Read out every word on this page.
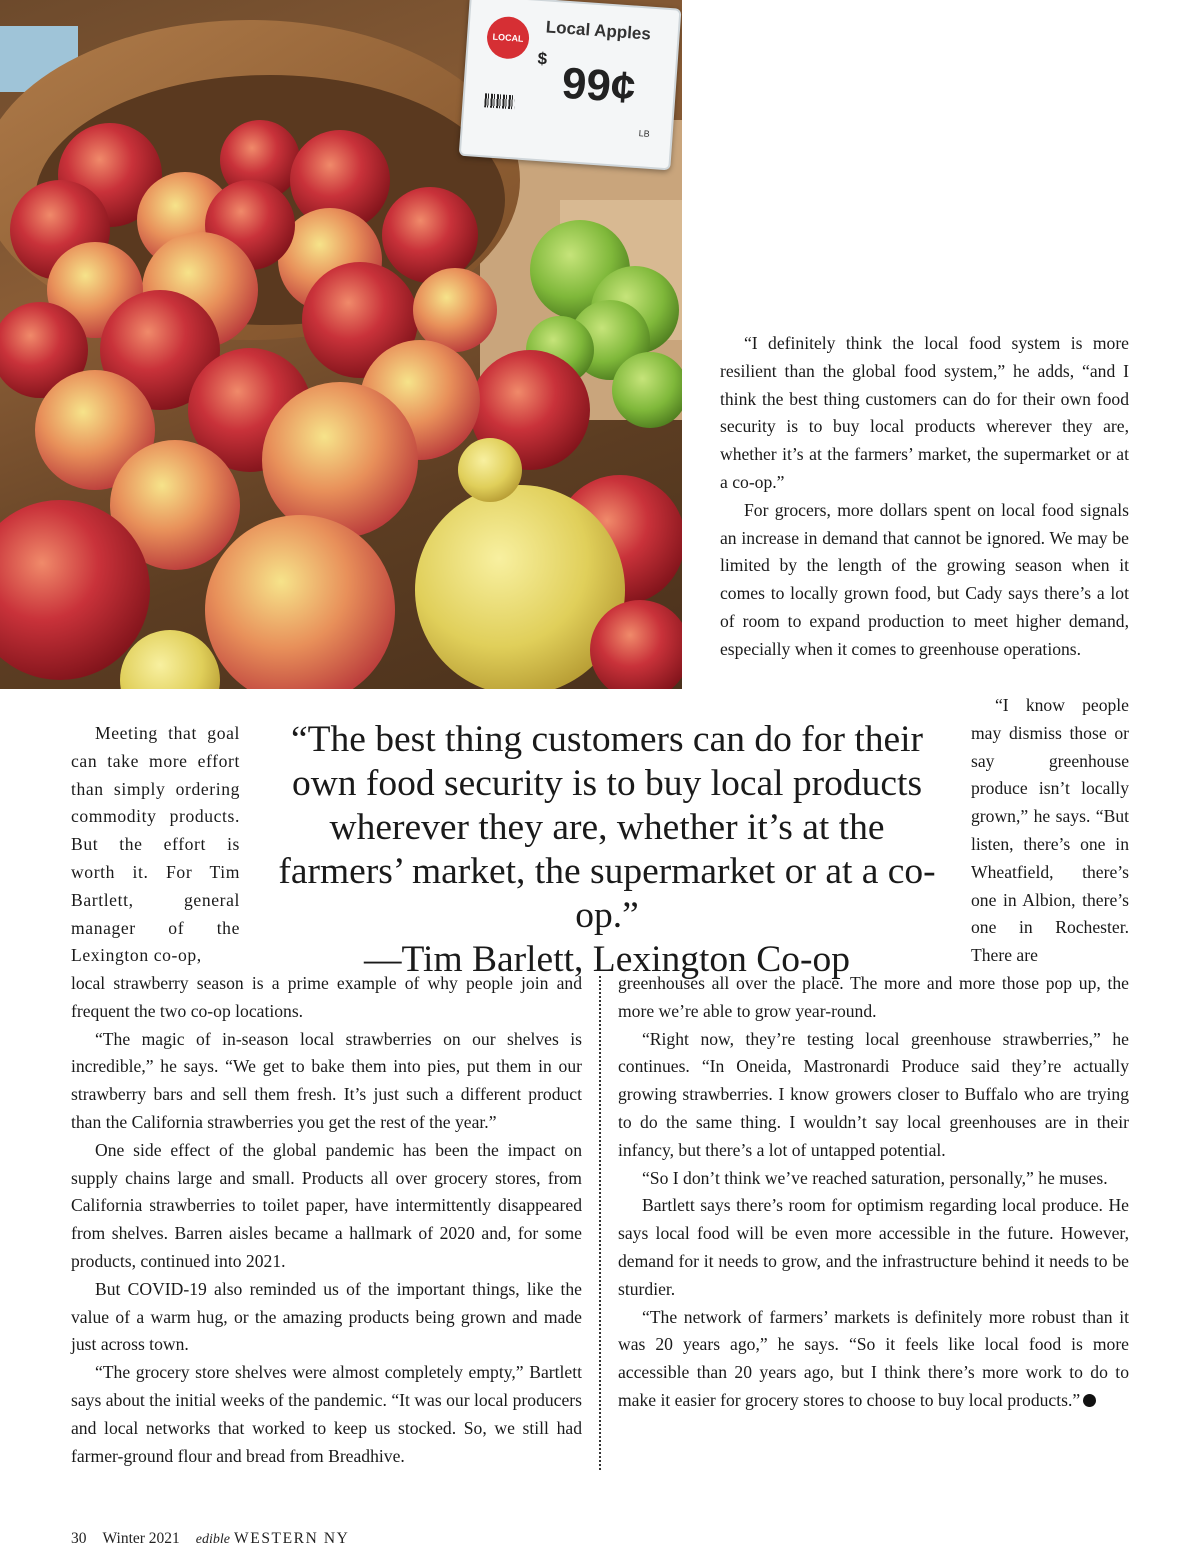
LOCAL	Local Apples
$ 99¢
LB

“I definitely think the local food system is more resilient than the global food system,” he adds, “and I think the best thing customers can do for their own food security is to buy local products wherever they are, whether it’s at the farmers’ market, the supermarket or at a co-op.”

For grocers, more dollars spent on local food signals an increase in demand that cannot be ignored. We may be limited by the length of the growing season when it comes to locally grown food, but Cady says there’s a lot of room to expand production to meet higher demand, especially when it comes to greenhouse operations.

Meeting that goal can take more effort than simply ordering commodity products. But the effort is worth it. For Tim Bartlett, general manager of the Lexington co-op,

“I know people may dismiss those or say greenhouse produce isn’t locally grown,” he says. “But listen, there’s one in Wheatfield, there’s one in Albion, there’s one in Rochester. There are

“The best thing customers can do for their own food security is to buy local products wherever they are, whether it’s at the farmers’ market, the supermarket or at a co-op.”
—Tim Barlett, Lexington Co-op

local strawberry season is a prime example of why people join and frequent the two co-op locations.

“The magic of in-season local strawberries on our shelves is incredible,” he says. “We get to bake them into pies, put them in our strawberry bars and sell them fresh. It’s just such a different product than the California strawberries you get the rest of the year.”

One side effect of the global pandemic has been the impact on supply chains large and small. Products all over grocery stores, from California strawberries to toilet paper, have intermittently disappeared from shelves. Barren aisles became a hallmark of 2020 and, for some products, continued into 2021.

But COVID-19 also reminded us of the important things, like the value of a warm hug, or the amazing products being grown and made just across town.

“The grocery store shelves were almost completely empty,” Bartlett says about the initial weeks of the pandemic. “It was our local producers and local networks that worked to keep us stocked. So, we still had farmer-ground flour and bread from Breadhive.

greenhouses all over the place. The more and more those pop up, the more we’re able to grow year-round.

“Right now, they’re testing local greenhouse strawberries,” he continues. “In Oneida, Mastronardi Produce said they’re actually growing strawberries. I know growers closer to Buffalo who are trying to do the same thing. I wouldn’t say local greenhouses are in their infancy, but there’s a lot of untapped potential.

“So I don’t think we’ve reached saturation, personally,” he muses.

Bartlett says there’s room for optimism regarding local produce. He says local food will be even more accessible in the future. However, demand for it needs to grow, and the infrastructure behind it needs to be sturdier.

“The network of farmers’ markets is definitely more robust than it was 20 years ago,” he says. “So it feels like local food is more accessible than 20 years ago, but I think there’s more work to do to make it easier for grocery stores to choose to buy local products.”

30 Winter 2021 edible WESTERN NY
